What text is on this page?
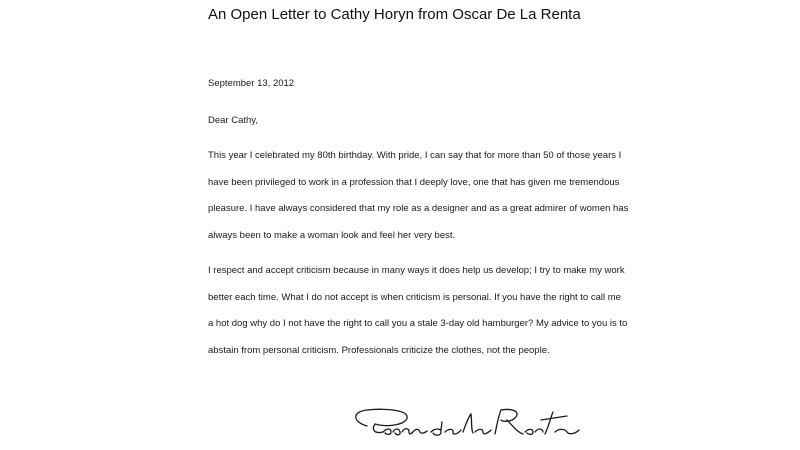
An Open Letter to Cathy Horyn from Oscar De La Renta
September 13, 2012
Dear Cathy,

This year I celebrated my 80th birthday. With pride, I can say that for more than 50 of those years I
have been privileged to work in a profession that I deeply love, one that has given me tremendous
pleasure. I have always considered that my role as a designer and as a great admirer of women has
always been to make a woman look and feel her very best.

I respect and accept criticism because in many ways it does help us develop; I try to make my work
better each time. What I do not accept is when criticism is personal. If you have the right to call me
a hot dog why do I not have the right to call you a stale 3-day old hamburger? My advice to you is to
abstain from personal criticism. Professionals criticize the clothes, not the people.
